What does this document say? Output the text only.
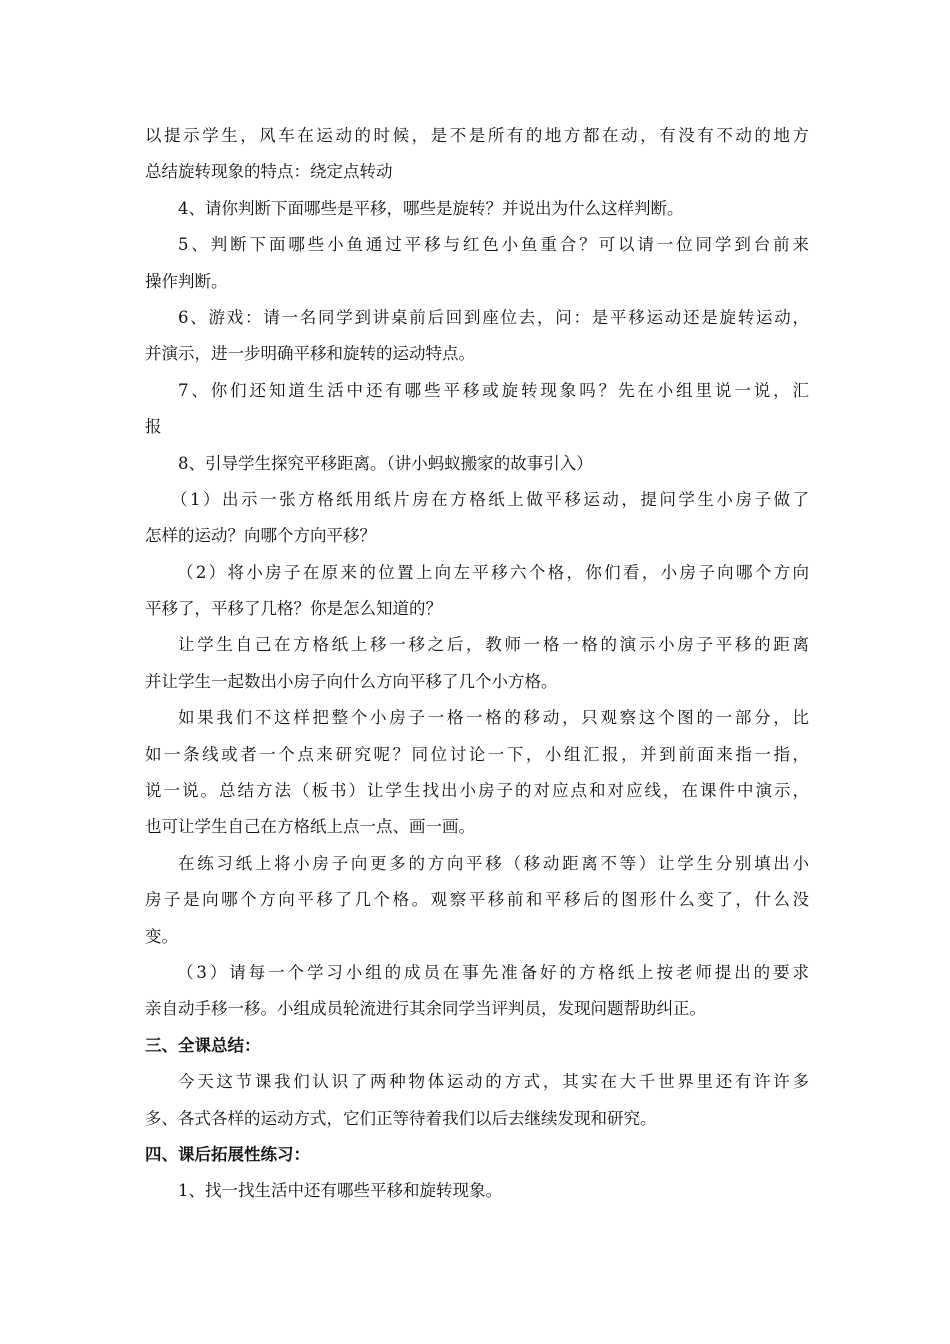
以提示学生，风车在运动的时候，是不是所有的地方都在动，有没有不动的地方
总结旋转现象的特点：绕定点转动
4、请你判断下面哪些是平移，哪些是旋转？并说出为什么这样判断。
5、判断下面哪些小鱼通过平移与红色小鱼重合？可以请一位同学到台前来
操作判断。
6、游戏：请一名同学到讲桌前后回到座位去，问：是平移运动还是旋转运动，
并演示，进一步明确平移和旋转的运动特点。
7、你们还知道生活中还有哪些平移或旋转现象吗？先在小组里说一说，汇
报
8、引导学生探究平移距离。（讲小蚂蚁搬家的故事引入）
（1）出示一张方格纸用纸片房在方格纸上做平移运动，提问学生小房子做了
怎样的运动？向哪个方向平移？
（2）将小房子在原来的位置上向左平移六个格，你们看，小房子向哪个方向
平移了，平移了几格？你是怎么知道的？
让学生自己在方格纸上移一移之后，教师一格一格的演示小房子平移的距离
并让学生一起数出小房子向什么方向平移了几个小方格。
如果我们不这样把整个小房子一格一格的移动，只观察这个图的一部分，比
如一条线或者一个点来研究呢？同位讨论一下，小组汇报，并到前面来指一指，
说一说。总结方法（板书）让学生找出小房子的对应点和对应线，在课件中演示，
也可让学生自己在方格纸上点一点、画一画。
在练习纸上将小房子向更多的方向平移（移动距离不等）让学生分别填出小
房子是向哪个方向平移了几个格。观察平移前和平移后的图形什么变了，什么没
变。
（3）请每一个学习小组的成员在事先准备好的方格纸上按老师提出的要求
亲自动手移一移。小组成员轮流进行其余同学当评判员，发现问题帮助纠正。
三、全课总结：
今天这节课我们认识了两种物体运动的方式，其实在大千世界里还有许许多
多、各式各样的运动方式，它们正等待着我们以后去继续发现和研究。
四、课后拓展性练习：
1、找一找生活中还有哪些平移和旋转现象。
